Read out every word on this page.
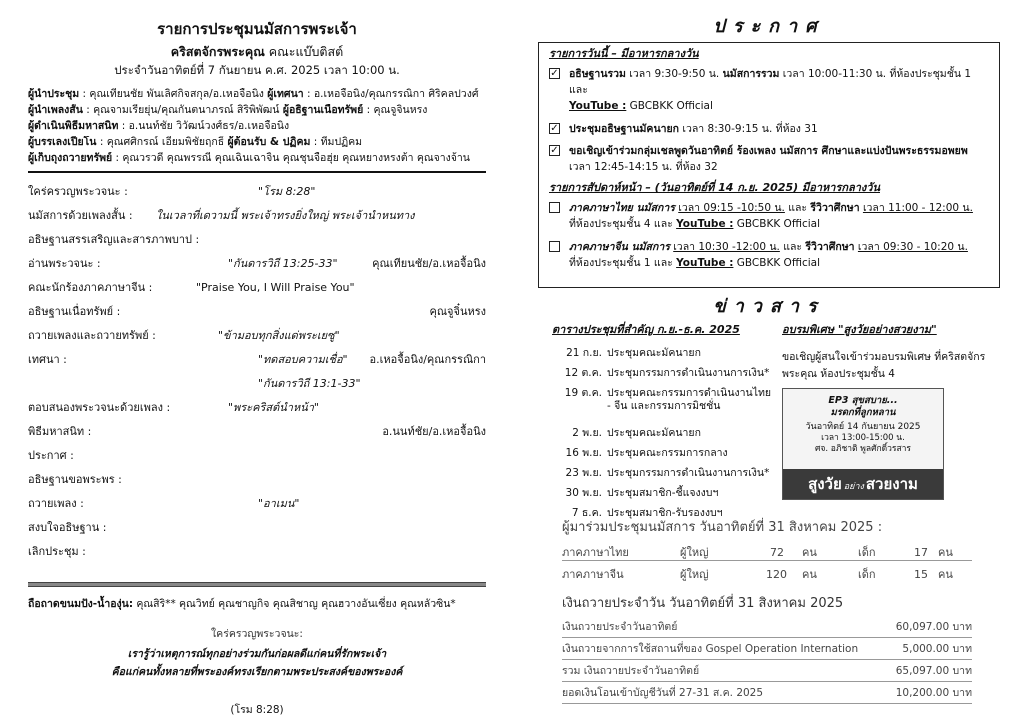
รายการประชุมนมัสการพระเจ้า
คริสตจักรพระคุณ คณะแบ๊บติสต์
ประจำวันอาทิตย์ที่ 7 กันยายน ค.ศ. 2025 เวลา 10:00 น.
ผู้นำประชุม : คุณเทียนชัย พันเลิศกิจสกุล/อ.เหอจื้อนิง ผู้เทศนา : อ.เหอจื้อนิง/คุณกรรณิกา ศิริคลปวงศ์
ผู้นำเพลงสั้น : คุณจามเรียยุ่น/คุณกันตนาภรณ์ สิริพิพัฒน์ ผู้อธิฐานเนื่อทรัพย์ : คุณจูจิ๋นหรง
ผู้ดำเนินพิธีมหาสนิท : อ.นนท์ชัย วิวัฒน์วงศ์ธร/อ.เหอจื้อนิง
ผู้บรรเลงเปียโน : คุณศศิกรณ์ เอี่ยมพิชัยฤกธิ์ ผู้ต้อนรับ & ปฏิคม : ทีมปฏิคม
ผู้เก็บถุงถวายทรัพย์ : คุณวรวดี คุณพรรณี คุณเฉินเฉาจิ้น คุณชุนจื้อฮุ่ย คุณหยางหรงต้า คุณจางจ้าน
ใคร่ครวญพระวจนะ :	"โรม 8:28"
นมัสการด้วยเพลงสั้น : ในเวลาที่เดวามนี้ พระเจ้าทรงยิ่งใหญ่ พระเจ้านำหนทาง
อธิษฐานสรรเสริญและสารภาพบาป :
อ่านพระวจนะ :	"กันดารวิถี 13:25-33"	คุณเทียนชัย/อ.เหอจื้อนิง
คณะนักร้องภาคภาษาจีน :	"Praise You, I Will Praise You"
อธิษฐานเนื่อทรัพย์ :	คุณจูจิ๋นหรง
ถวายเพลงและถวายทรัพย์ :	"ข้ามอบทุกสิ่งแด่พระเยซู"
เทศนา :	"ทดสอบความเชื่อ" อ.เหอจื้อนิง/คุณกรรณิกา
"กันดารวิถี 13:1-33"
ตอบสนองพระวจนะด้วยเพลง :	"พระคริสต์นำหน้า"
พิธีมหาสนิท :	อ.นนท์ชัย/อ.เหอจื้อนิง
ประกาศ :
อธิษฐานขอพระพร :
ถวายเพลง :	"อาเมน"
สงบใจอธิษฐาน :
เลิกประชุม :
ถือถาดขนมปัง-น้ำองุ่น: คุณสิริ** คุณวิทย์ คุณชาญกิจ คุณสิชาญ คุณฮวางอันเซี่ยง คุณหลัวซิน*
ใคร่ครวญพระวจนะ:
เรารู้ว่าเหตุการณ์ทุกอย่างร่วมกันก่อผลดีแก่คนที่รักพระเจ้า
คือแก่คนทั้งหลายที่พระองค์ทรงเรียกตามพระประสงค์ของพระองค์
(โรม 8:28)
ประกาศ
รายการวันนี้ – มีอาหารกลางวัน
✓ อธิษฐานรวม เวลา 9:30-9:50 น. นมัสการรวม เวลา 10:00-11:30 น. ที่ห้องประชุมชั้น 1 และ
YouTube : GBCBKK Official
✓ ประชุมอธิษฐานมัคนายก เวลา 8:30-9:15 น. ที่ห้อง 31
✓ ขอเชิญเข้าร่วมกลุ่มเชลพูดวันอาทิตย์ ร้องเพลง นมัสการ ศึกษาและแบ่งปันพระธรรมอพยพ
เวลา 12:45-14:15 น. ที่ห้อง 32
รายการสัปดาห์หน้า – (วันอาทิตย์ที่ 14 ก.ย. 2025) มีอาหารกลางวัน
ภาคภาษาไทย นมัสการ เวลา 09:15 -10:50 น. และ รีวิวาศึกษา เวลา 11:00 - 12:00 น.
ที่ห้องประชุมชั้น 4 และ YouTube : GBCBKK Official
ภาคภาษาจีน นมัสการ เวลา 10:30 -12:00 น. และ รีวิวาศึกษา เวลา 09:30 - 10:20 น.
ที่ห้องประชุมชั้น 1 และ YouTube : GBCBKK Official
ข่าวสาร
ตารางประชุมที่สำคัญ ก.ย.-ธ.ค. 2025
21 ก.ย. ประชุมคณะมัคนายก
12 ต.ค. ประชุมกรรมการดำเนินงานการเงิน*
19 ต.ค. ประชุมคณะกรรมการดำเนินงานไทย - จีน และกรรมการมิชชั่น
2 พ.ย. ประชุมคณะมัคนายก
16 พ.ย. ประชุมคณะกรรมการกลาง
23 พ.ย. ประชุมกรรมการดำเนินงานการเงิน*
30 พ.ย. ประชุมสมาชิก-ชี้แจงงบฯ
7 ธ.ค. ประชุมสมาชิก-รับรองงบฯ
อบรมพิเศษ "สูงวัยอย่างสวยงาม"
ขอเชิญผู้สนใจเข้าร่วมอบรมพิเศษ ที่คริสตจักรพระคุณ ห้องประชุมชั้น 4
EP3 สุขสบาย...
มรดกที่ลูกหลาน
วันอาทิตย์ 14 กันยายน 2025
เวลา 13:00-15:00 น.
ศจ. อภิชาติ พูลศักดิ์วรสาร
สูงวัย อย่าง สวยงาม
ผู้มาร่วมประชุมนมัสการ วันอาทิตย์ที่ 31 สิงหาคม 2025 :
ภาคภาษาไทย	ผู้ใหญ่	72 คน	เด็ก	17 คน
ภาคภาษาจีน	ผู้ใหญ่	120 คน	เด็ก	15 คน
เงินถวายประจำวัน วันอาทิตย์ที่ 31 สิงหาคม 2025
เงินถวายประจำวันอาทิตย์	60,097.00 บาท
เงินถวายจากการใช้สถานที่ของ Gospel Operation Internation	5,000.00 บาท
รวม เงินถวายประจำวันอาทิตย์	65,097.00 บาท
ยอดเงินโอนเข้าบัญชีวันที่ 27-31 ส.ค. 2025	10,200.00 บาท
